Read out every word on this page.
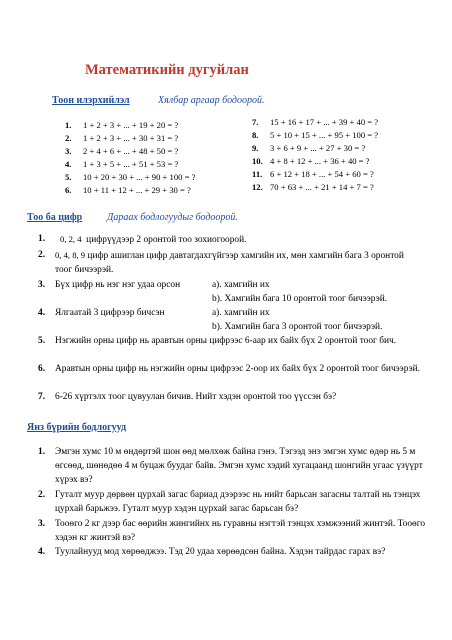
Математикийн дугуйлан
Тоон илэрхийлэл	Хялбар аргаар бодоорой.
1. 1 + 2 + 3 + ... + 19 + 20 = ?
2. 1 + 2 + 3 + ... + 30 + 31 = ?
3. 2 + 4 + 6 + ... + 48 + 50 = ?
4. 1 + 3 + 5 + ... + 51 + 53 = ?
5. 10 + 20 + 30 + ... + 90 + 100 = ?
6. 10 + 11 + 12 + ... + 29 + 30 = ?
7. 15 + 16 + 17 + ... + 39 + 40 = ?
8. 5 + 10 + 15 + ... + 95 + 100 = ?
9. 3 + 6 + 9 + ... + 27 + 30 = ?
10. 4 + 8 + 12 + ... + 36 + 40 = ?
11. 6 + 12 + 18 + ... + 54 + 60 = ?
12. 70 + 63 + ... + 21 + 14 + 7 = ?
Тоо ба цифр Дараах бодлогуудыг бодоорой.
1. 0, 2, 4 цифрүүдээр 2 оронтой тоо зохиогоорой.
2. 0, 4, 8, 9 цифр ашиглан цифр давтагдахгүйгээр хамгийн их, мөн хамгийн бага 3 оронтой тоог бичээрэй.
3. Бүх цифр нь нэг нэг удаа орсон	а). хамгийн их
b). Хамгийн бага 10 оронтой тоог бичээрэй.
4. Ялгаатай 3 цифрээр бичсэн	а). хамгийн их
b). Хамгийн бага 3 оронтой тоог бичээрэй.
5. Нэгжийн орны цифр нь аравтын орны цифрээс 6-аар их байх бүх 2 оронтой тоог бич.
6. Аравтын орны цифр нь нэгжийн орны цифрээс 2-оор их байх бүх 2 оронтой тоог бичээрэй.
7. 6-26 хүртэлх тоог цувуулан бичив. Нийт хэдэн оронтой тоо үүссэн бэ?
Янз бүрийн бодлогууд
1. Эмгэн хумс 10 м өндөртэй шон өөд мөлхөж байна гэнэ. Тэгээд энэ эмгэн хумс өдөр нь 5 м өгсөөд, шөнөдөө 4 м буцаж буудаг байв. Эмгэн хумс хэдий хугацаанд шонгийн угаас үзүүрт хүрэх вэ?
2. Гуталт муур дөрвөн цурхай загас бариад дээрээс нь нийт барьсан загасны талтай нь тэнцэх цурхай барьжээ. Гуталт муур хэдэн цурхай загас барьсан бэ?
3. Тооөго 2 кг дээр бас өөрийн жингийнх нь гуравны нэгтэй тэнцэх хэмжээний жинтэй. Тооөго хэдэн кг жинтэй вэ?
4. Туулайнууд мод хөрөөджээ. Тэд 20 удаа хөрөөдсөн байна. Хэдэн тайрдас гарах вэ?
